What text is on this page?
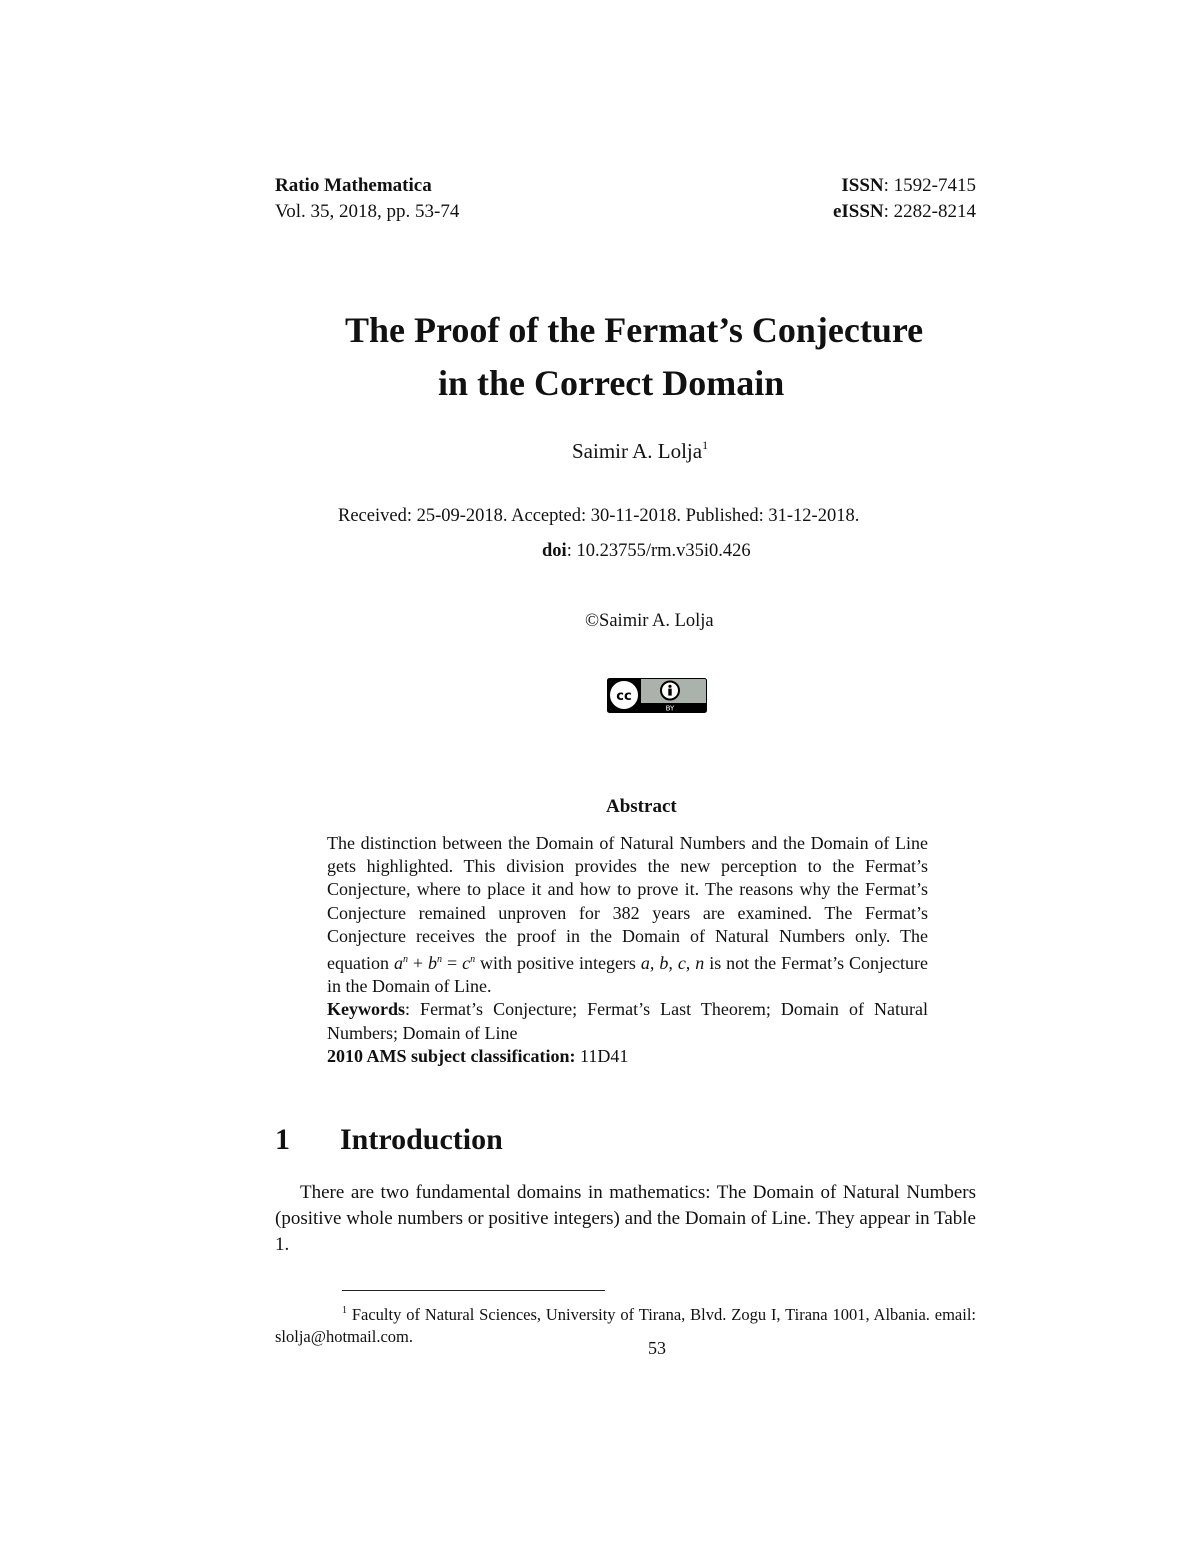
Ratio Mathematica
Vol. 35, 2018, pp. 53-74
ISSN: 1592-7415
eISSN: 2282-8214
The Proof of the Fermat’s Conjecture
in the Correct Domain
Saimir A. Lolja$^1$
Received: 25-09-2018. Accepted: 30-11-2018. Published: 31-12-2018.
doi: 10.23755/rm.v35i0.426
©Saimir A. Lolja
cc
BY
Abstract

The distinction between the Domain of Natural Numbers and the Domain of Line gets highlighted. This division provides the new perception to the Fermat’s Conjecture, where to place it and how to prove it. The reasons why the Fermat’s Conjecture remained unproven for 382 years are examined. The Fermat’s Conjecture receives the proof in the Domain of Natural Numbers only. The equation $a^n + b^n = c^n$ with positive integers a, b, c, n is not the Fermat’s Conjecture in the Domain of Line.

Keywords: Fermat’s Conjecture; Fermat’s Last Theorem; Domain of Natural Numbers; Domain of Line

2010 AMS subject classification: 11D41

1 Introduction

There are two fundamental domains in mathematics: The Domain of Natural Numbers (positive whole numbers or positive integers) and the Domain of Line. They appear in Table 1.

$^1$ Faculty of Natural Sciences, University of Tirana, Blvd. Zogu I, Tirana 1001, Albania. email: slolja@hotmail.com.

53
